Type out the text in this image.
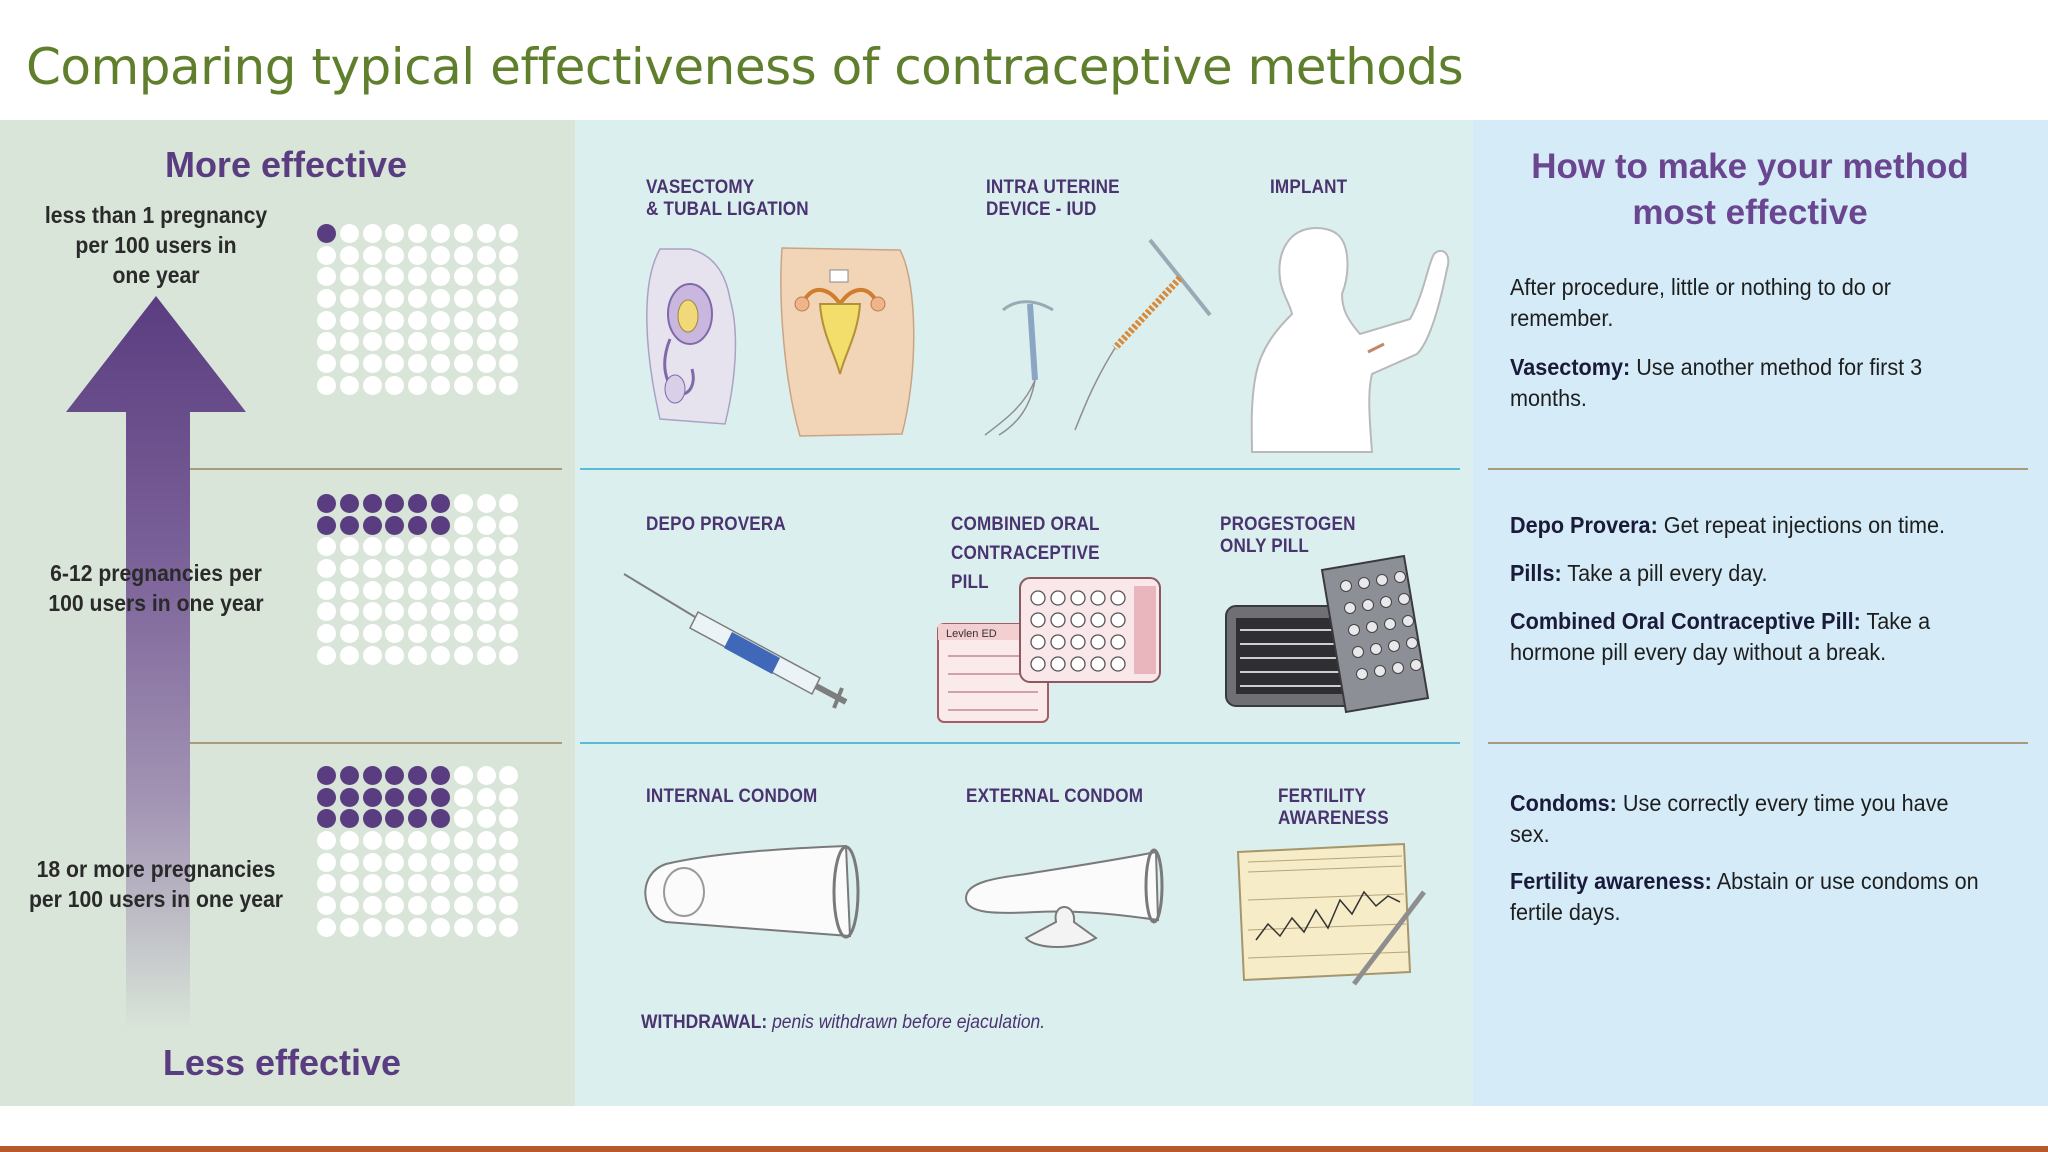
Comparing typical effectiveness of contraceptive methods
More effective
Less effective
less than 1 pregnancy
per 100 users in
one year
6-12 pregnancies per
100 users in one year
18 or more pregnancies
per 100 users in one year
VASECTOMY
& TUBAL LIGATION
INTRA UTERINE
DEVICE - IUD
IMPLANT
DEPO PROVERA	COMBINED ORAL
CONTRACEPTIVE
PILL
PROGESTOGEN
ONLY PILL
Levlen ED
INTERNAL CONDOM	EXTERNAL CONDOM	FERTILITY
AWARENESS
WITHDRAWAL: penis withdrawn before ejaculation.
How to make your method
most effective
After procedure, little or nothing to do or remember.
Vasectomy: Use another method for first 3 months.
Depo Provera: Get repeat injections on time.
Pills: Take a pill every day.
Combined Oral Contraceptive Pill: Take a hormone pill every day without a break.
Condoms: Use correctly every time you have sex.
Fertility awareness: Abstain or use condoms on fertile days.
